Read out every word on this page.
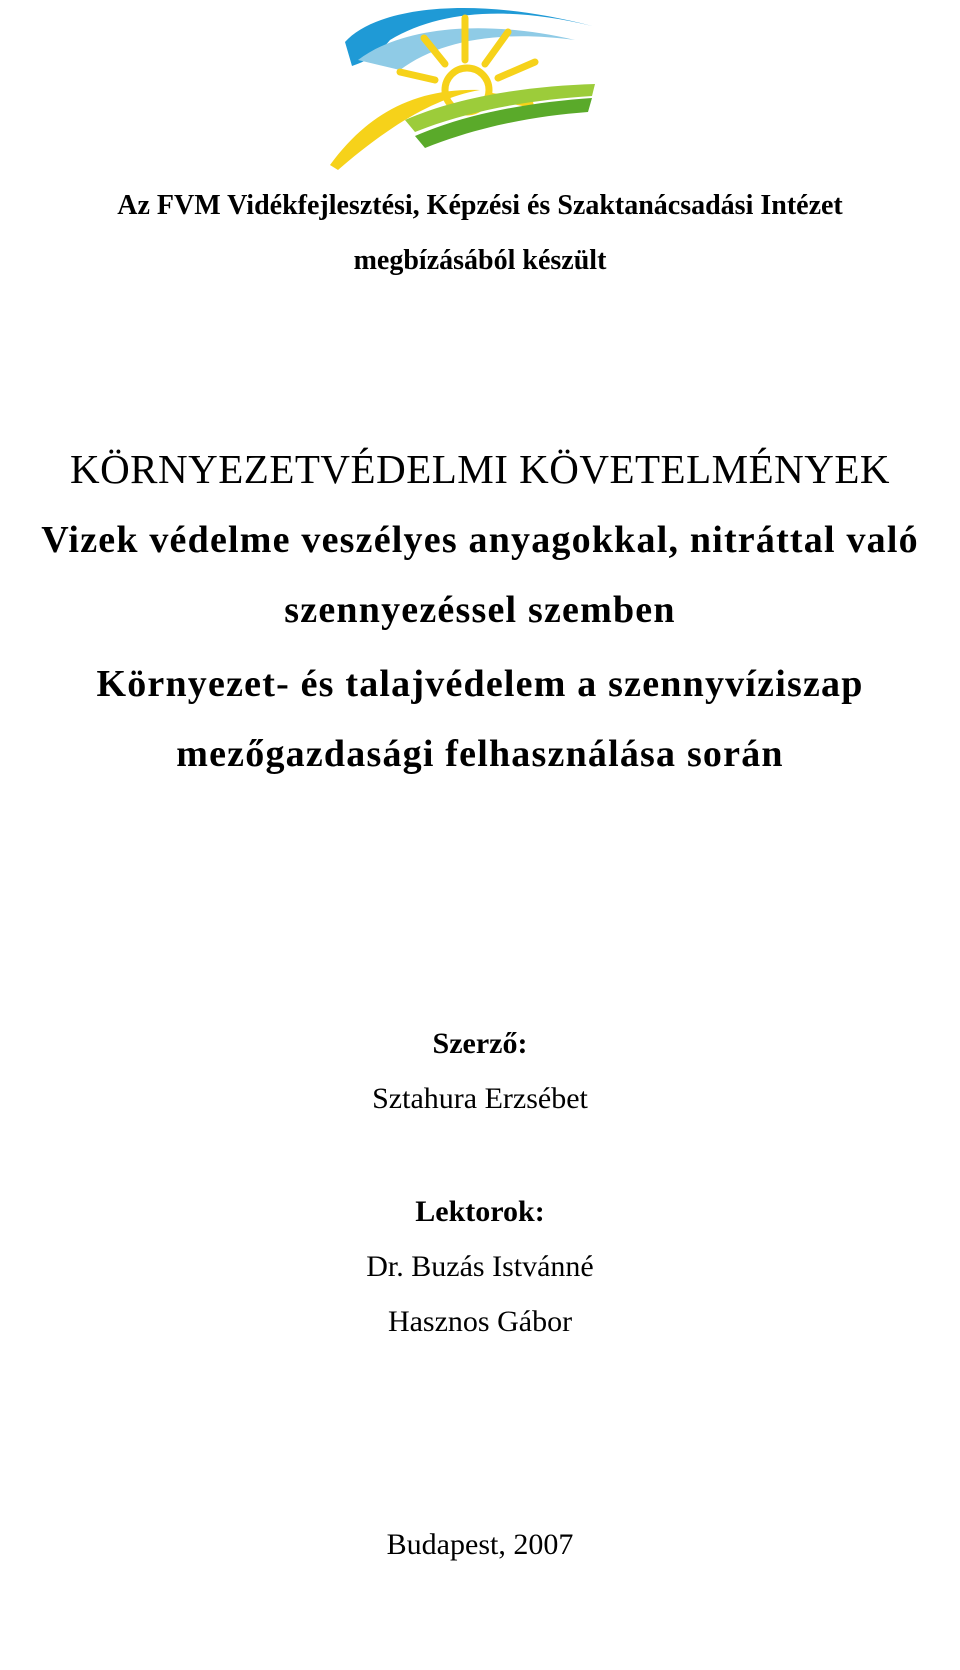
Az FVM Vidékfejlesztési, Képzési és Szaktanácsadási Intézet
megbízásából készült
KÖRNYEZETVÉDELMI KÖVETELMÉNYEK
Vizek védelme veszélyes anyagokkal, nitráttal való
szennyezéssel szemben
Környezet- és talajvédelem a szennyvíziszap
mezőgazdasági felhasználása során
Szerző:
Sztahura Erzsébet
Lektorok:
Dr. Buzás Istvánné
Hasznos Gábor
Budapest, 2007
